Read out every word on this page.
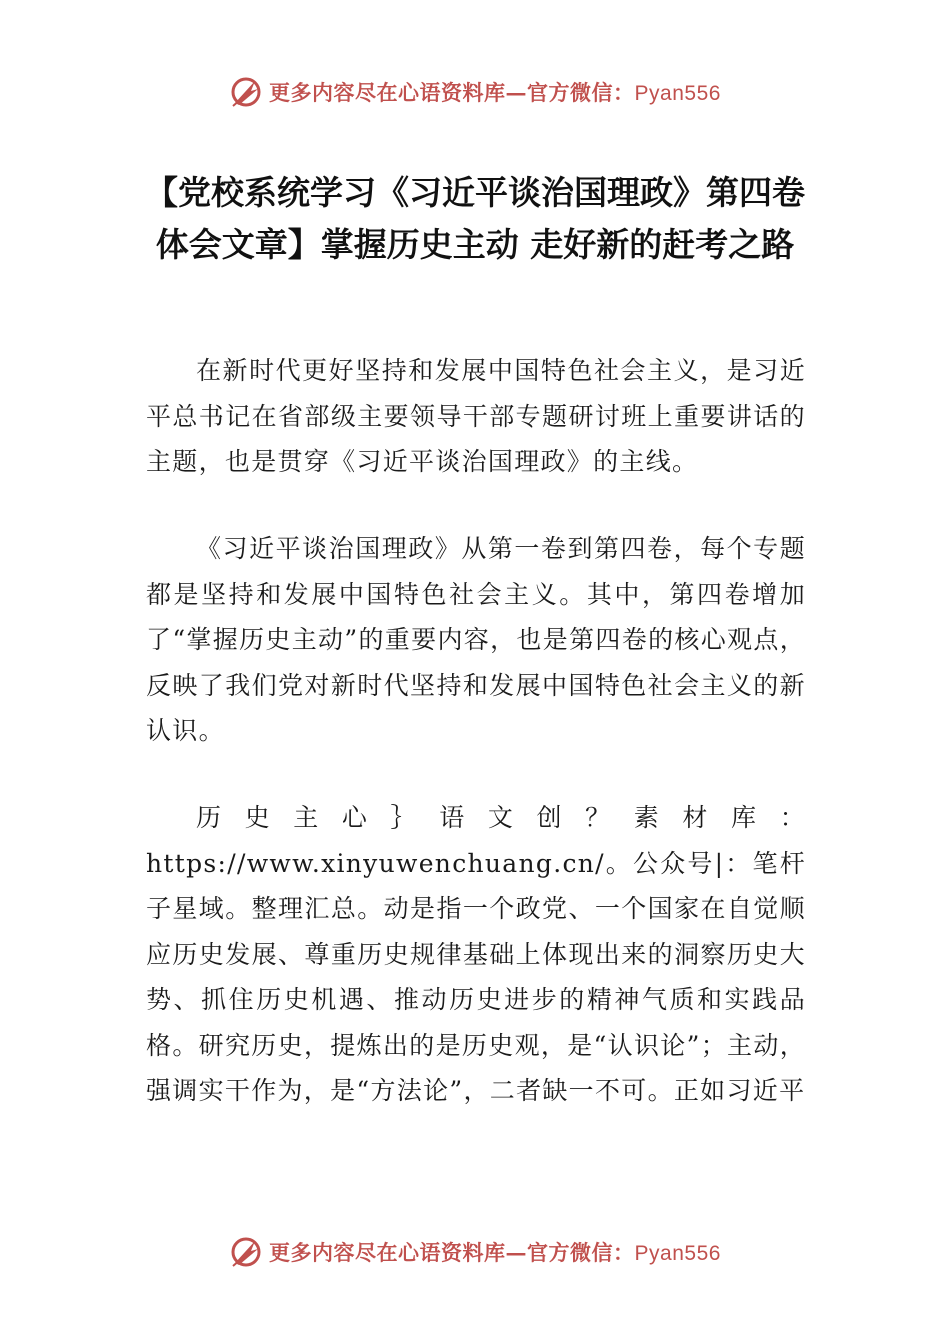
更多内容尽在心语资料库—官方微信：Pyan556
【党校系统学习《习近平谈治国理政》第四卷体会文章】掌握历史主动 走好新的赶考之路

在新时代更好坚持和发展中国特色社会主义，是习近平总书记在省部级主要领导干部专题研讨班上重要讲话的主题，也是贯穿《习近平谈治国理政》的主线。

《习近平谈治国理政》从第一卷到第四卷，每个专题都是坚持和发展中国特色社会主义。其中，第四卷增加了“掌握历史主动”的重要内容，也是第四卷的核心观点，反映了我们党对新时代坚持和发展中国特色社会主义的新认识。

历史主心｝语文创？素材库：https://www.xinyuwenchuang.cn/。公众号|：笔杆子星域。整理汇总。动是指一个政党、一个国家在自觉顺应历史发展、尊重历史规律基础上体现出来的洞察历史大势、抓住历史机遇、推动历史进步的精神气质和实践品格。研究历史，提炼出的是历史观，是“认识论”；主动，强调实干作为，是“方法论”，二者缺一不可。正如习近平

更多内容尽在心语资料库—官方微信：Pyan556
